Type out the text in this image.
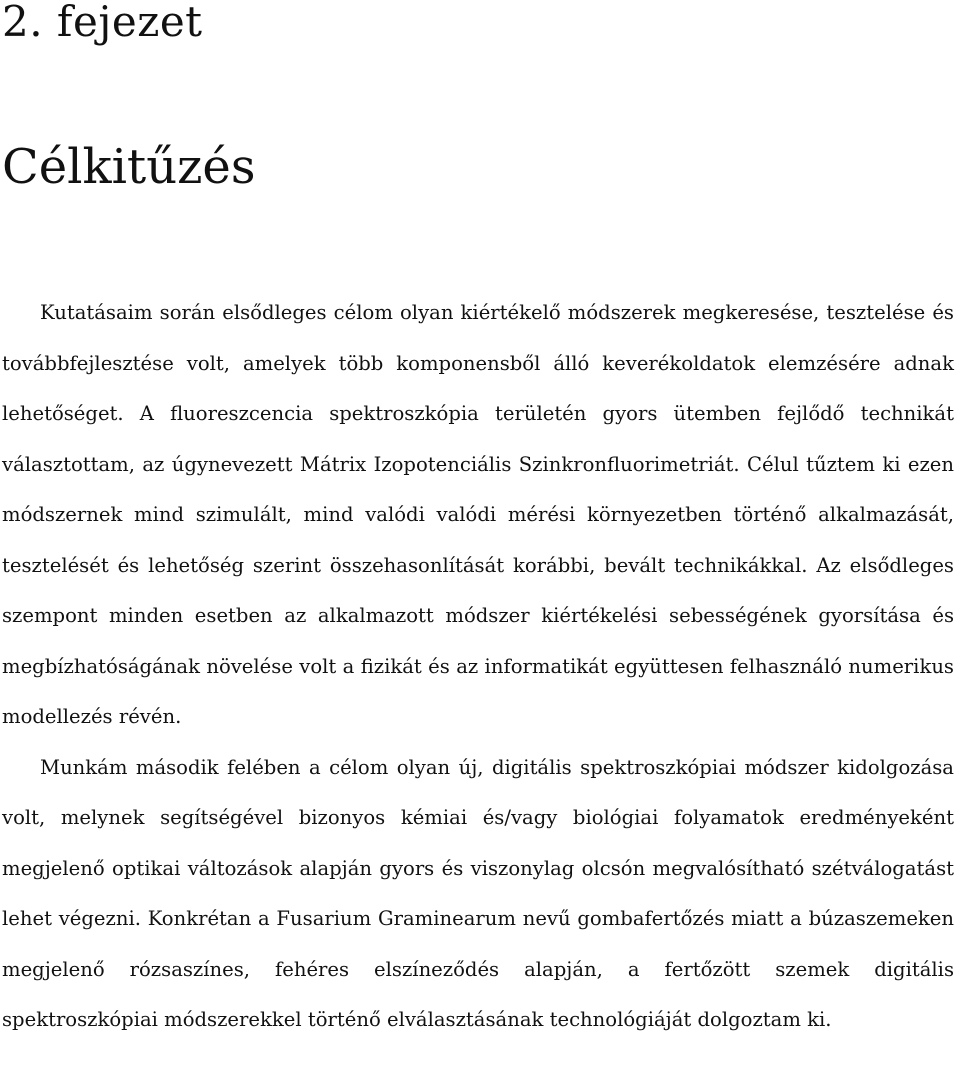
2. fejezet
Célkitűzés

Kutatásaim során elsődleges célom olyan kiértékelő módszerek megkeresése, tesztelése és továbbfejlesztése volt, amelyek több komponensből álló keverékoldatok elemzésére adnak lehetőséget. A fluoreszcencia spektroszkópia területén gyors ütemben fejlődő technikát választottam, az úgynevezett Mátrix Izopotenciális Szinkronfluorimetriát. Célul tűztem ki ezen módszernek mind szimulált, mind valódi valódi mérési környezetben történő alkalmazását, tesztelését és lehetőség szerint összehasonlítását korábbi, bevált technikákkal. Az elsődleges szempont minden esetben az alkalmazott módszer kiértékelési sebességének gyorsítása és megbízhatóságának növelése volt a fizikát és az informatikát együttesen felhasználó numerikus modellezés révén.

Munkám második felében a célom olyan új, digitális spektroszkópiai módszer kidolgozása volt, melynek segítségével bizonyos kémiai és/vagy biológiai folyamatok eredményeként megjelenő optikai változások alapján gyors és viszonylag olcsón megvalósítható szétválogatást lehet végezni. Konkrétan a Fusarium Graminearum nevű gombafertőzés miatt a búzaszemeken megjelenő rózsaszínes, fehéres elszíneződés alapján, a fertőzött szemek digitális spektroszkópiai módszerekkel történő elválasztásának technológiáját dolgoztam ki.
